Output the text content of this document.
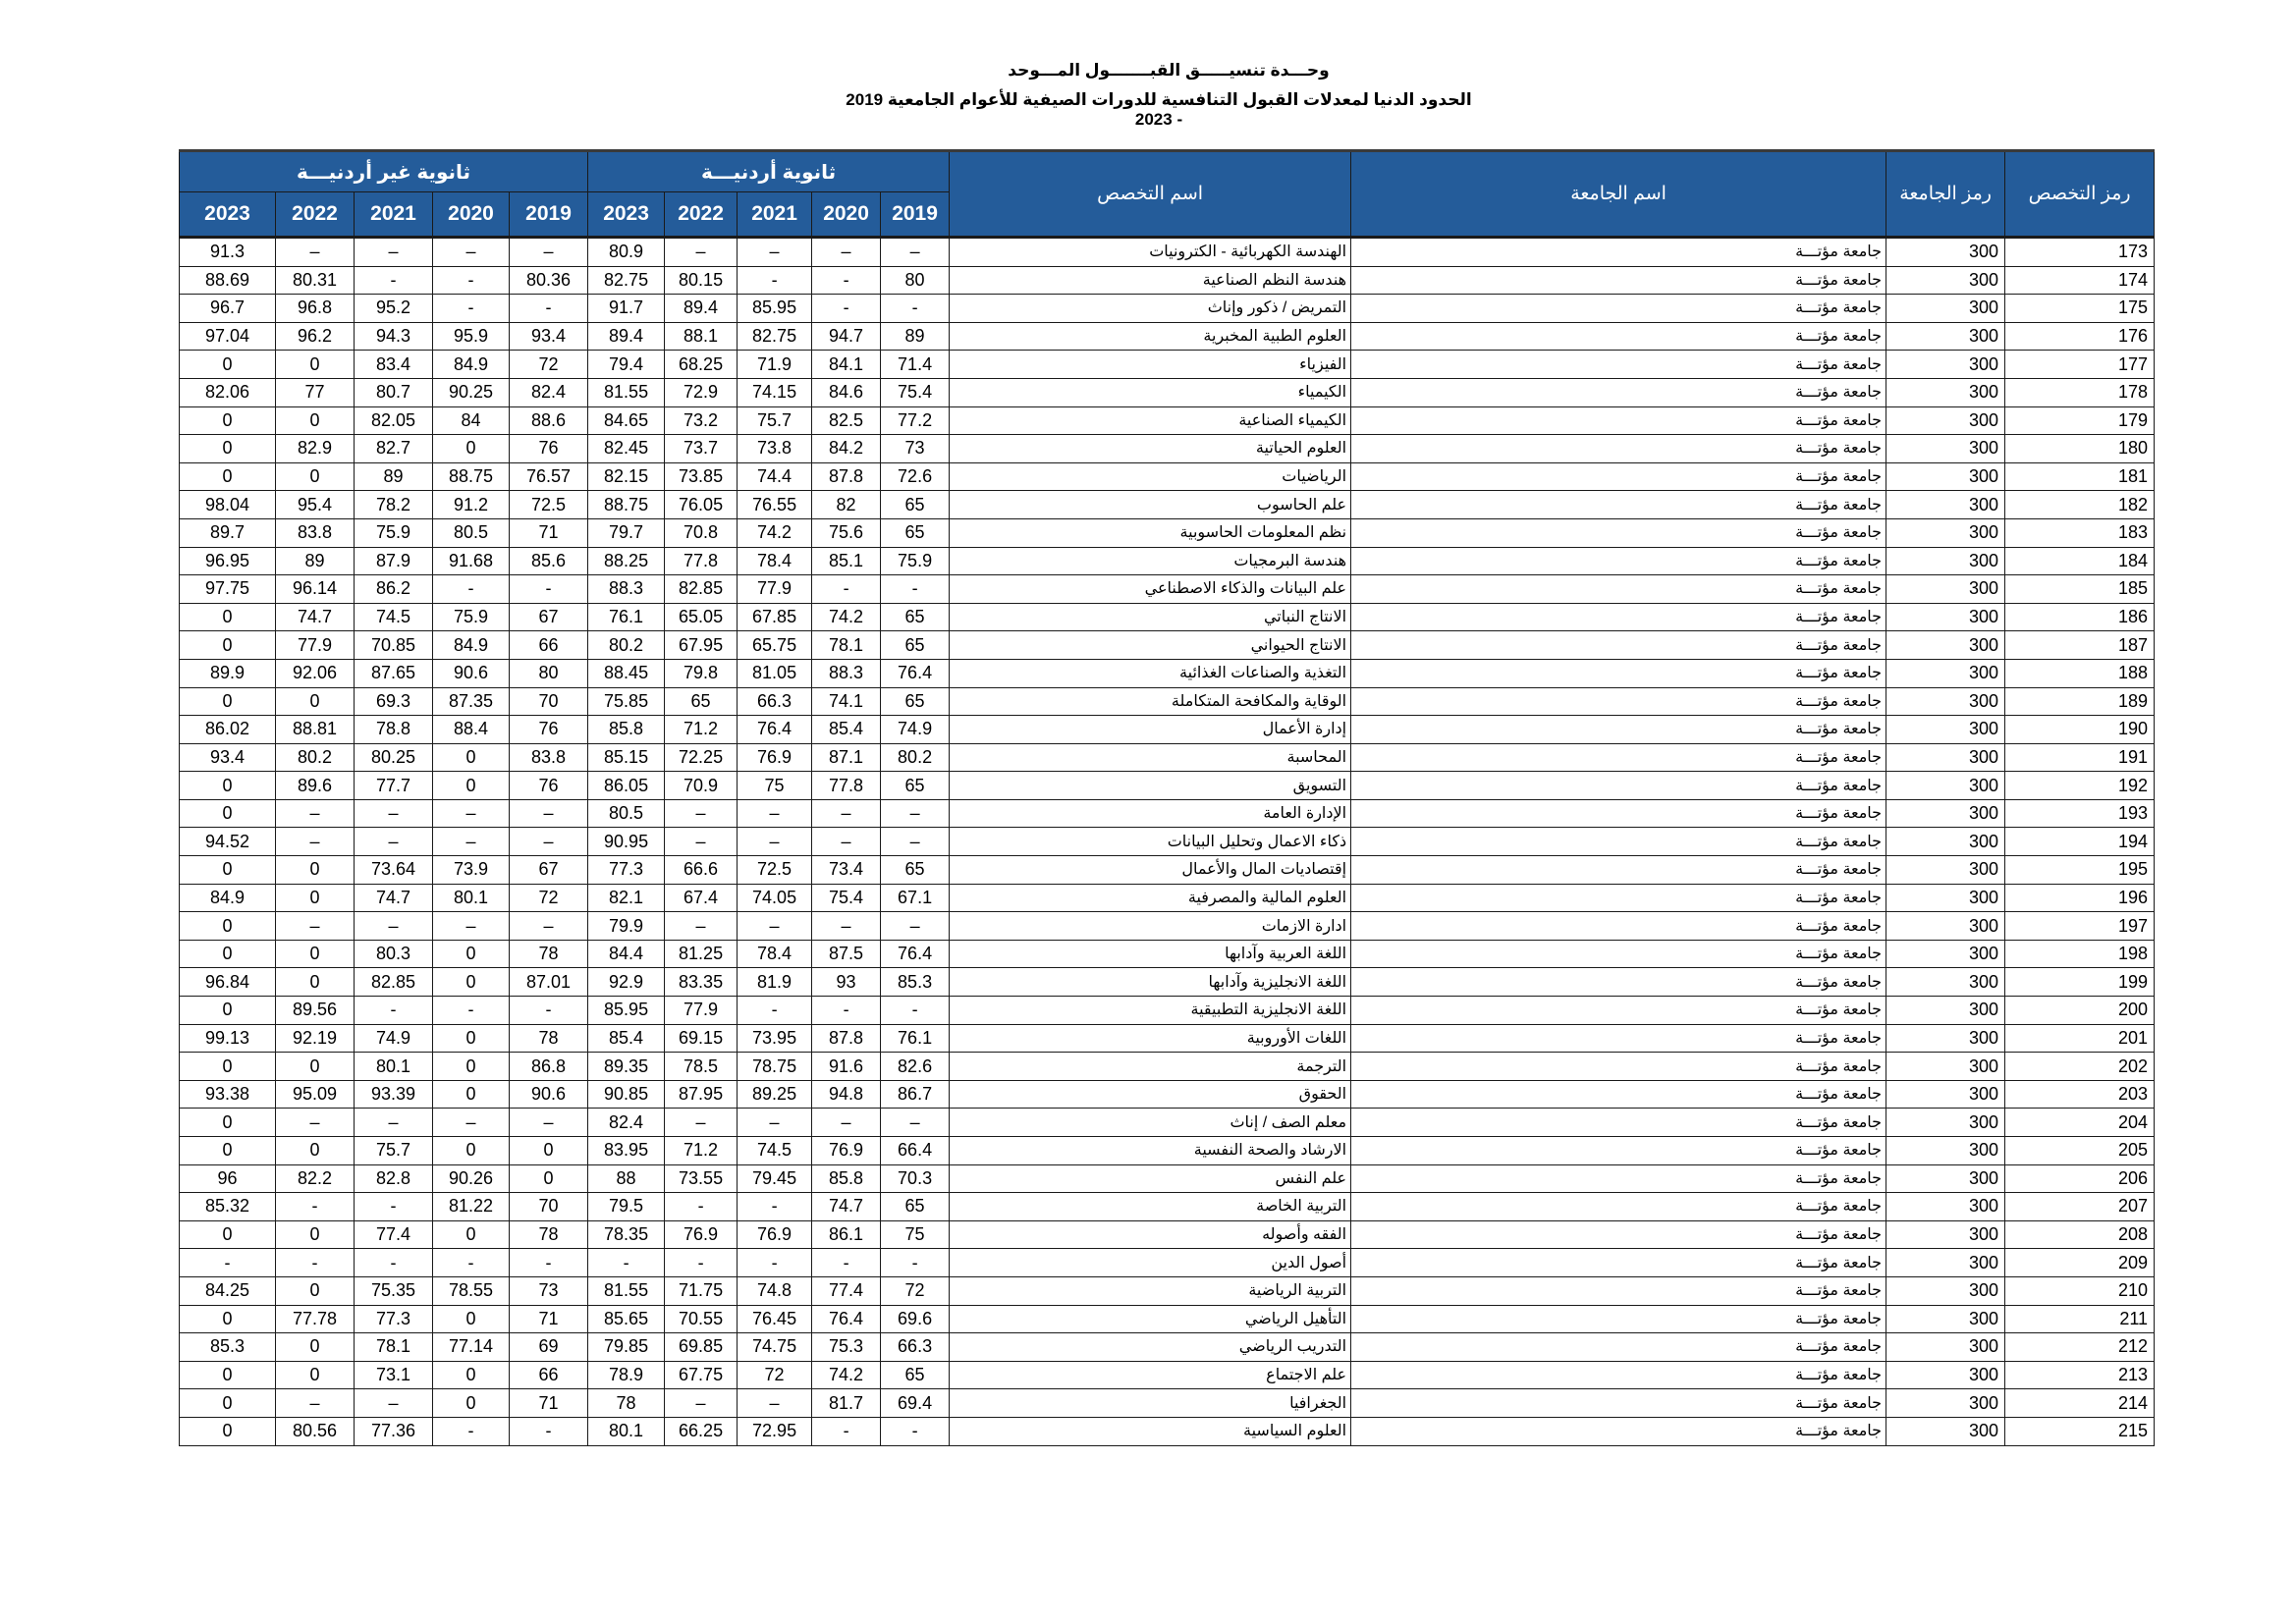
وحـــدة تنسيـــــق القبـــــــول المـــوحد
الحدود الدنيا لمعدلات القبول التنافسية للدورات الصيفية للأعوام الجامعية 2019 - 2023
ثانوية غير أردنيـــة					ثانوية أردنيـــة					اسم التخصص	اسم الجامعة	رمز الجامعة	رمز التخصص
2023	2022	2021	2020	2019	2023	2022	2021	2020	2019				
91.3	–	–	–	–	80.9	–	–	–	–	الهندسة الكهربائية - الكترونيات	جامعة مؤتـــة	300	173
88.69	80.31	-	-	80.36	82.75	80.15	-	-	80	هندسة النظم الصناعية	جامعة مؤتـــة	300	174
96.7	96.8	95.2	-	-	91.7	89.4	85.95	-	-	التمريض / ذكور وإناث	جامعة مؤتـــة	300	175
97.04	96.2	94.3	95.9	93.4	89.4	88.1	82.75	94.7	89	العلوم الطبية المخبرية	جامعة مؤتـــة	300	176
0	0	83.4	84.9	72	79.4	68.25	71.9	84.1	71.4	الفيزياء	جامعة مؤتـــة	300	177
82.06	77	80.7	90.25	82.4	81.55	72.9	74.15	84.6	75.4	الكيمياء	جامعة مؤتـــة	300	178
0	0	82.05	84	88.6	84.65	73.2	75.7	82.5	77.2	الكيمياء الصناعية	جامعة مؤتـــة	300	179
0	82.9	82.7	0	76	82.45	73.7	73.8	84.2	73	العلوم الحياتية	جامعة مؤتـــة	300	180
0	0	89	88.75	76.57	82.15	73.85	74.4	87.8	72.6	الرياضيات	جامعة مؤتـــة	300	181
98.04	95.4	78.2	91.2	72.5	88.75	76.05	76.55	82	65	علم الحاسوب	جامعة مؤتـــة	300	182
89.7	83.8	75.9	80.5	71	79.7	70.8	74.2	75.6	65	نظم المعلومات الحاسوبية	جامعة مؤتـــة	300	183
96.95	89	87.9	91.68	85.6	88.25	77.8	78.4	85.1	75.9	هندسة البرمجيات	جامعة مؤتـــة	300	184
97.75	96.14	86.2	-	-	88.3	82.85	77.9	-	-	علم البيانات والذكاء الاصطناعي	جامعة مؤتـــة	300	185
0	74.7	74.5	75.9	67	76.1	65.05	67.85	74.2	65	الانتاج النباتي	جامعة مؤتـــة	300	186
0	77.9	70.85	84.9	66	80.2	67.95	65.75	78.1	65	الانتاج الحيواني	جامعة مؤتـــة	300	187
89.9	92.06	87.65	90.6	80	88.45	79.8	81.05	88.3	76.4	التغذية والصناعات الغذائية	جامعة مؤتـــة	300	188
0	0	69.3	87.35	70	75.85	65	66.3	74.1	65	الوقاية والمكافحة المتكاملة	جامعة مؤتـــة	300	189
86.02	88.81	78.8	88.4	76	85.8	71.2	76.4	85.4	74.9	إدارة الأعمال	جامعة مؤتـــة	300	190
93.4	80.2	80.25	0	83.8	85.15	72.25	76.9	87.1	80.2	المحاسبة	جامعة مؤتـــة	300	191
0	89.6	77.7	0	76	86.05	70.9	75	77.8	65	التسويق	جامعة مؤتـــة	300	192
0	–	–	–	–	80.5	–	–	–	–	الإدارة العامة	جامعة مؤتـــة	300	193
94.52	–	–	–	–	90.95	–	–	–	–	ذكاء الاعمال وتحليل البيانات	جامعة مؤتـــة	300	194
0	0	73.64	73.9	67	77.3	66.6	72.5	73.4	65	إقتصاديات المال والأعمال	جامعة مؤتـــة	300	195
84.9	0	74.7	80.1	72	82.1	67.4	74.05	75.4	67.1	العلوم المالية والمصرفية	جامعة مؤتـــة	300	196
0	–	–	–	–	79.9	–	–	–	–	ادارة الازمات	جامعة مؤتـــة	300	197
0	0	80.3	0	78	84.4	81.25	78.4	87.5	76.4	اللغة العربية وآدابها	جامعة مؤتـــة	300	198
96.84	0	82.85	0	87.01	92.9	83.35	81.9	93	85.3	اللغة الانجليزية وآدابها	جامعة مؤتـــة	300	199
0	89.56	-	-	-	85.95	77.9	-	-	-	اللغة الانجليزية التطبيقية	جامعة مؤتـــة	300	200
99.13	92.19	74.9	0	78	85.4	69.15	73.95	87.8	76.1	اللغات الأوروبية	جامعة مؤتـــة	300	201
0	0	80.1	0	86.8	89.35	78.5	78.75	91.6	82.6	الترجمة	جامعة مؤتـــة	300	202
93.38	95.09	93.39	0	90.6	90.85	87.95	89.25	94.8	86.7	الحقوق	جامعة مؤتـــة	300	203
0	–	–	–	–	82.4	–	–	–	–	معلم الصف / إناث	جامعة مؤتـــة	300	204
0	0	75.7	0	0	83.95	71.2	74.5	76.9	66.4	الارشاد والصحة النفسية	جامعة مؤتـــة	300	205
96	82.2	82.8	90.26	0	88	73.55	79.45	85.8	70.3	علم النفس	جامعة مؤتـــة	300	206
85.32	-	-	81.22	70	79.5	-	-	74.7	65	التربية الخاصة	جامعة مؤتـــة	300	207
0	0	77.4	0	78	78.35	76.9	76.9	86.1	75	الفقه وأصوله	جامعة مؤتـــة	300	208
-	-	-	-	-	-	-	-	-	-	أصول الدين	جامعة مؤتـــة	300	209
84.25	0	75.35	78.55	73	81.55	71.75	74.8	77.4	72	التربية الرياضية	جامعة مؤتـــة	300	210
0	77.78	77.3	0	71	85.65	70.55	76.45	76.4	69.6	التأهيل الرياضي	جامعة مؤتـــة	300	211
85.3	0	78.1	77.14	69	79.85	69.85	74.75	75.3	66.3	التدريب الرياضي	جامعة مؤتـــة	300	212
0	0	73.1	0	66	78.9	67.75	72	74.2	65	علم الاجتماع	جامعة مؤتـــة	300	213
0	–	–	0	71	78	–	–	81.7	69.4	الجغرافيا	جامعة مؤتـــة	300	214
0	80.56	77.36	-	-	80.1	66.25	72.95	-	-	العلوم السياسية	جامعة مؤتـــة	300	215
